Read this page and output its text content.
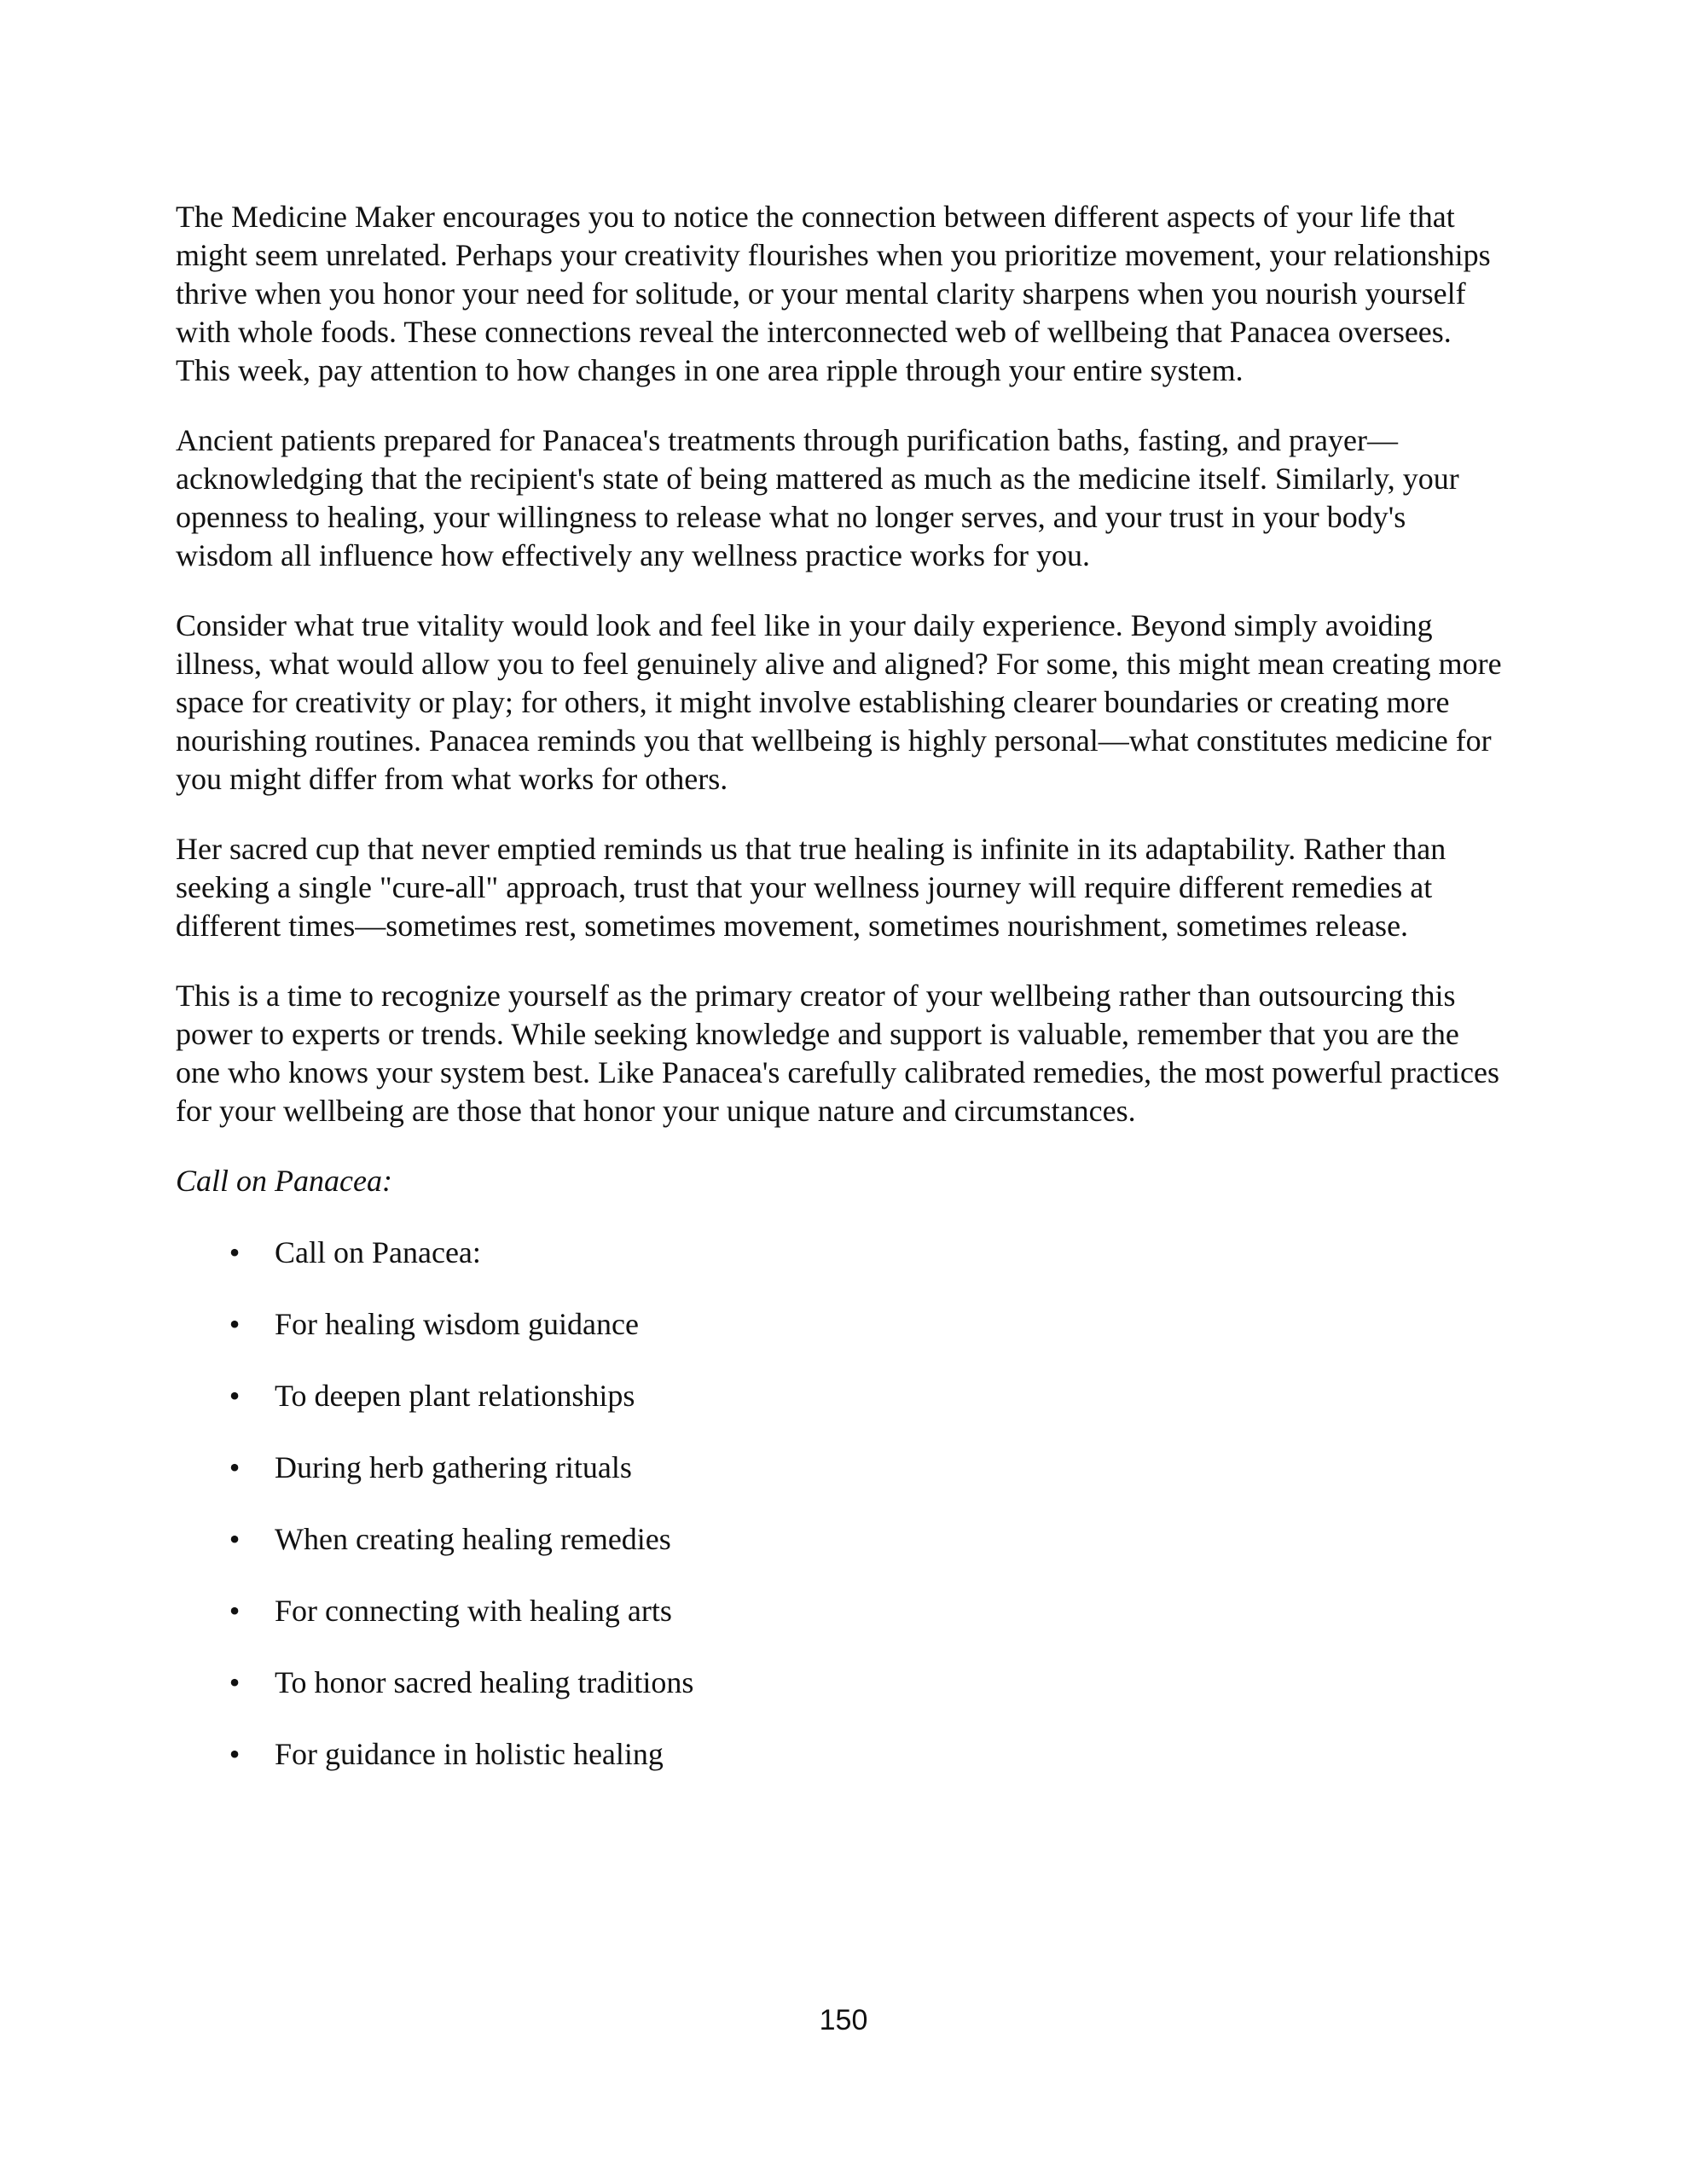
The Medicine Maker encourages you to notice the connection between different aspects of your life that might seem unrelated. Perhaps your creativity flourishes when you prioritize movement, your relationships thrive when you honor your need for solitude, or your mental clarity sharpens when you nourish yourself with whole foods. These connections reveal the interconnected web of wellbeing that Panacea oversees. This week, pay attention to how changes in one area ripple through your entire system.

Ancient patients prepared for Panacea's treatments through purification baths, fasting, and prayer—acknowledging that the recipient's state of being mattered as much as the medicine itself. Similarly, your openness to healing, your willingness to release what no longer serves, and your trust in your body's wisdom all influence how effectively any wellness practice works for you.

Consider what true vitality would look and feel like in your daily experience. Beyond simply avoiding illness, what would allow you to feel genuinely alive and aligned? For some, this might mean creating more space for creativity or play; for others, it might involve establishing clearer boundaries or creating more nourishing routines. Panacea reminds you that wellbeing is highly personal—what constitutes medicine for you might differ from what works for others.

Her sacred cup that never emptied reminds us that true healing is infinite in its adaptability. Rather than seeking a single "cure-all" approach, trust that your wellness journey will require different remedies at different times—sometimes rest, sometimes movement, sometimes nourishment, sometimes release.

This is a time to recognize yourself as the primary creator of your wellbeing rather than outsourcing this power to experts or trends. While seeking knowledge and support is valuable, remember that you are the one who knows your system best. Like Panacea's carefully calibrated remedies, the most powerful practices for your wellbeing are those that honor your unique nature and circumstances.

Call on Panacea:

• Call on Panacea:
• For healing wisdom guidance
• To deepen plant relationships
• During herb gathering rituals
• When creating healing remedies
• For connecting with healing arts
• To honor sacred healing traditions
• For guidance in holistic healing
150
